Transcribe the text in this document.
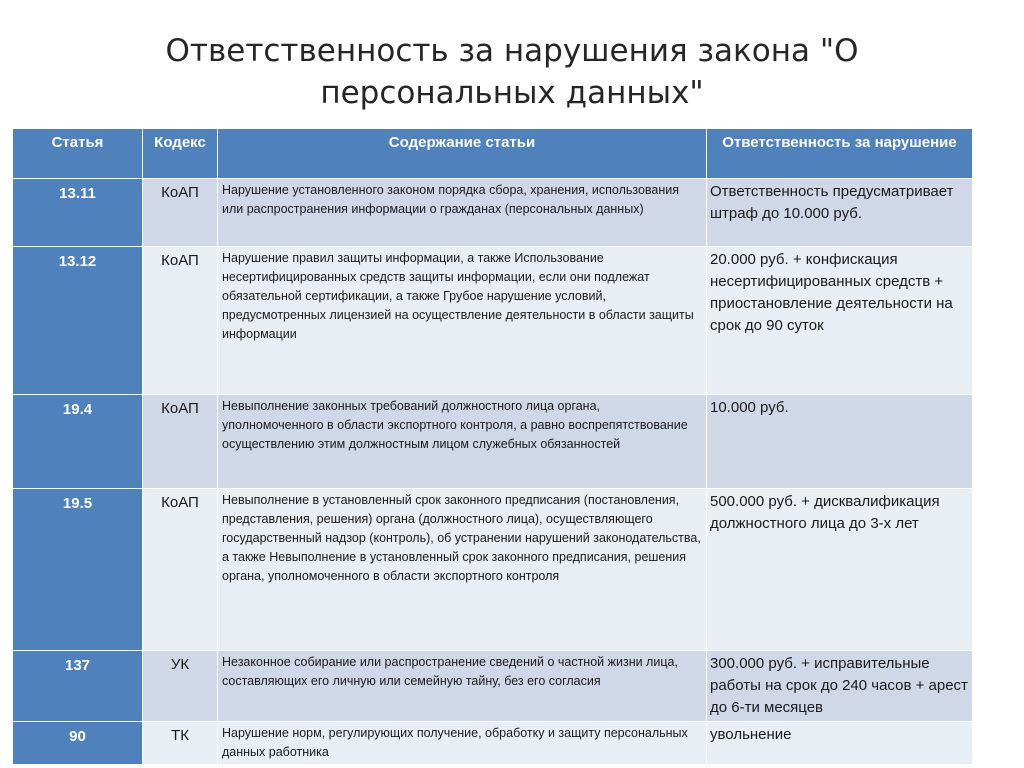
Ответственность за нарушения закона "О персональных данных"
Статья	Кодекс	Содержание статьи	Ответственность за нарушение
13.11	КоАП	Нарушение установленного законом порядка сбора, хранения, использования или распространения информации о гражданах (персональных данных)	Ответственность предусматривает штраф до 10.000 руб.
13.12	КоАП	Нарушение правил защиты информации, а также Использование несертифицированных средств защиты информации, если они подлежат обязательной сертификации, а также Грубое нарушение условий, предусмотренных лицензией на осуществление деятельности в области защиты информации	20.000 руб. + конфискация несертифицированных средств + приостановление деятельности на срок до 90 суток
19.4	КоАП	Невыполнение законных требований должностного лица органа, уполномоченного в области экспортного контроля, а равно воспрепятствование осуществлению этим должностным лицом служебных обязанностей	10.000 руб.
19.5	КоАП	Невыполнение в установленный срок законного предписания (постановления, представления, решения) органа (должностного лица), осуществляющего государственный надзор (контроль), об устранении нарушений законодательства, а также Невыполнение в установленный срок законного предписания, решения органа, уполномоченного в области экспортного контроля	500.000 руб. + дисквалификация должностного лица до 3-х лет
137	УК	Незаконное собирание или распространение сведений о частной жизни лица, составляющих его личную или семейную тайну, без его согласия	300.000 руб. + исправительные работы на срок до 240 часов + арест до 6-ти месяцев
90	ТК	Нарушение норм, регулирующих получение, обработку и защиту персональных данных работника	увольнение
